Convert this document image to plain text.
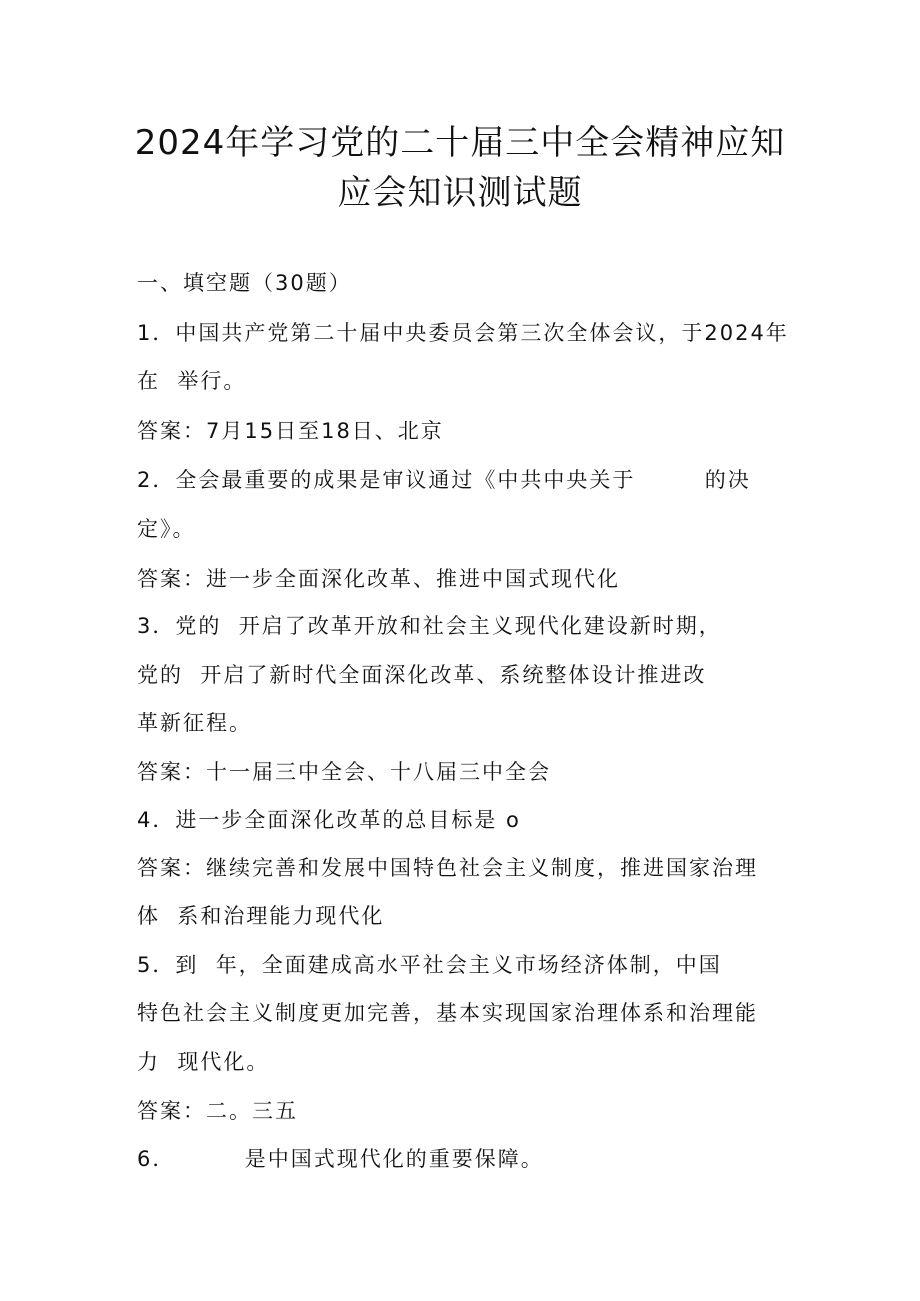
2024年学习党的二十届三中全会精神应知
应会知识测试题
一、填空题（30题）
1．中国共产党第二十届中央委员会第三次全体会议，于2024年
在  举行。
答案：7月15日至18日、北京
2．全会最重要的成果是审议通过《中共中央关于        的决
定》。
答案：进一步全面深化改革、推进中国式现代化
3．党的  开启了改革开放和社会主义现代化建设新时期，
党的  开启了新时代全面深化改革、系统整体设计推进改
革新征程。
答案：十一届三中全会、十八届三中全会
4．进一步全面深化改革的总目标是 o
答案：继续完善和发展中国特色社会主义制度，推进国家治理
体  系和治理能力现代化
5．到  年，全面建成高水平社会主义市场经济体制，中国
特色社会主义制度更加完善，基本实现国家治理体系和治理能
力  现代化。
答案：二。三五
6．        是中国式现代化的重要保障。
